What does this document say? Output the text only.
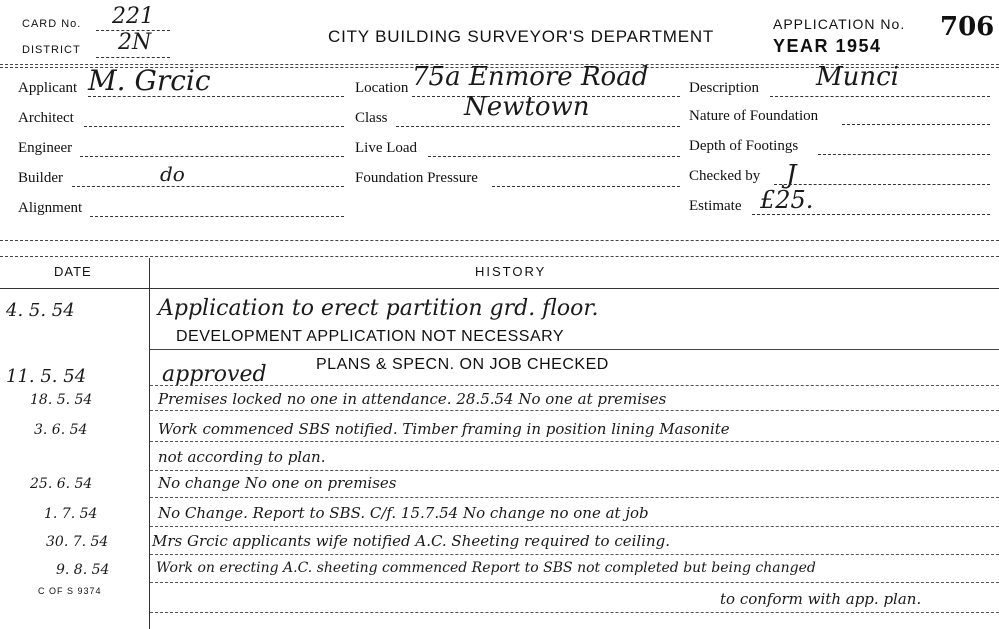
CARD No. 221
DISTRICT 2N	CITY BUILDING SURVEYOR'S DEPARTMENT
APPLICATION No. 706
YEAR 1954
Applicant M. Grcic
Architect
Engineer
Builder	do
Alignment
Location 75a Enmore Road
Class	Newtown
Live Load
Foundation Pressure
Description Munci
Nature of Foundation
Depth of Footings
Checked by J
Estimate £25.
DATE	HISTORY
4. 5. 54	Application to erect partition grd. floor.
DEVELOPMENT APPLICATION NOT NECESSARY
11. 5. 54	approved	PLANS & SPECN. ON JOB CHECKED
18. 5. 54	Premises locked no one in attendance. 28.5.54 No one at premises
3. 6. 54	Work commenced SBS notified. Timber framing in position lining Masonite
not according to plan.
25. 6. 54	No change No one on premises
1. 7. 54	No Change. Report to SBS. C/f. 15.7.54 No change no one at job
30. 7. 54	Mrs Grcic applicants wife notified A.C. Sheeting required to ceiling.
9. 8. 54	Work on erecting A.C. sheeting commenced Report to SBS not completed but being changed
C OF S 9374	to conform with app. plan.
